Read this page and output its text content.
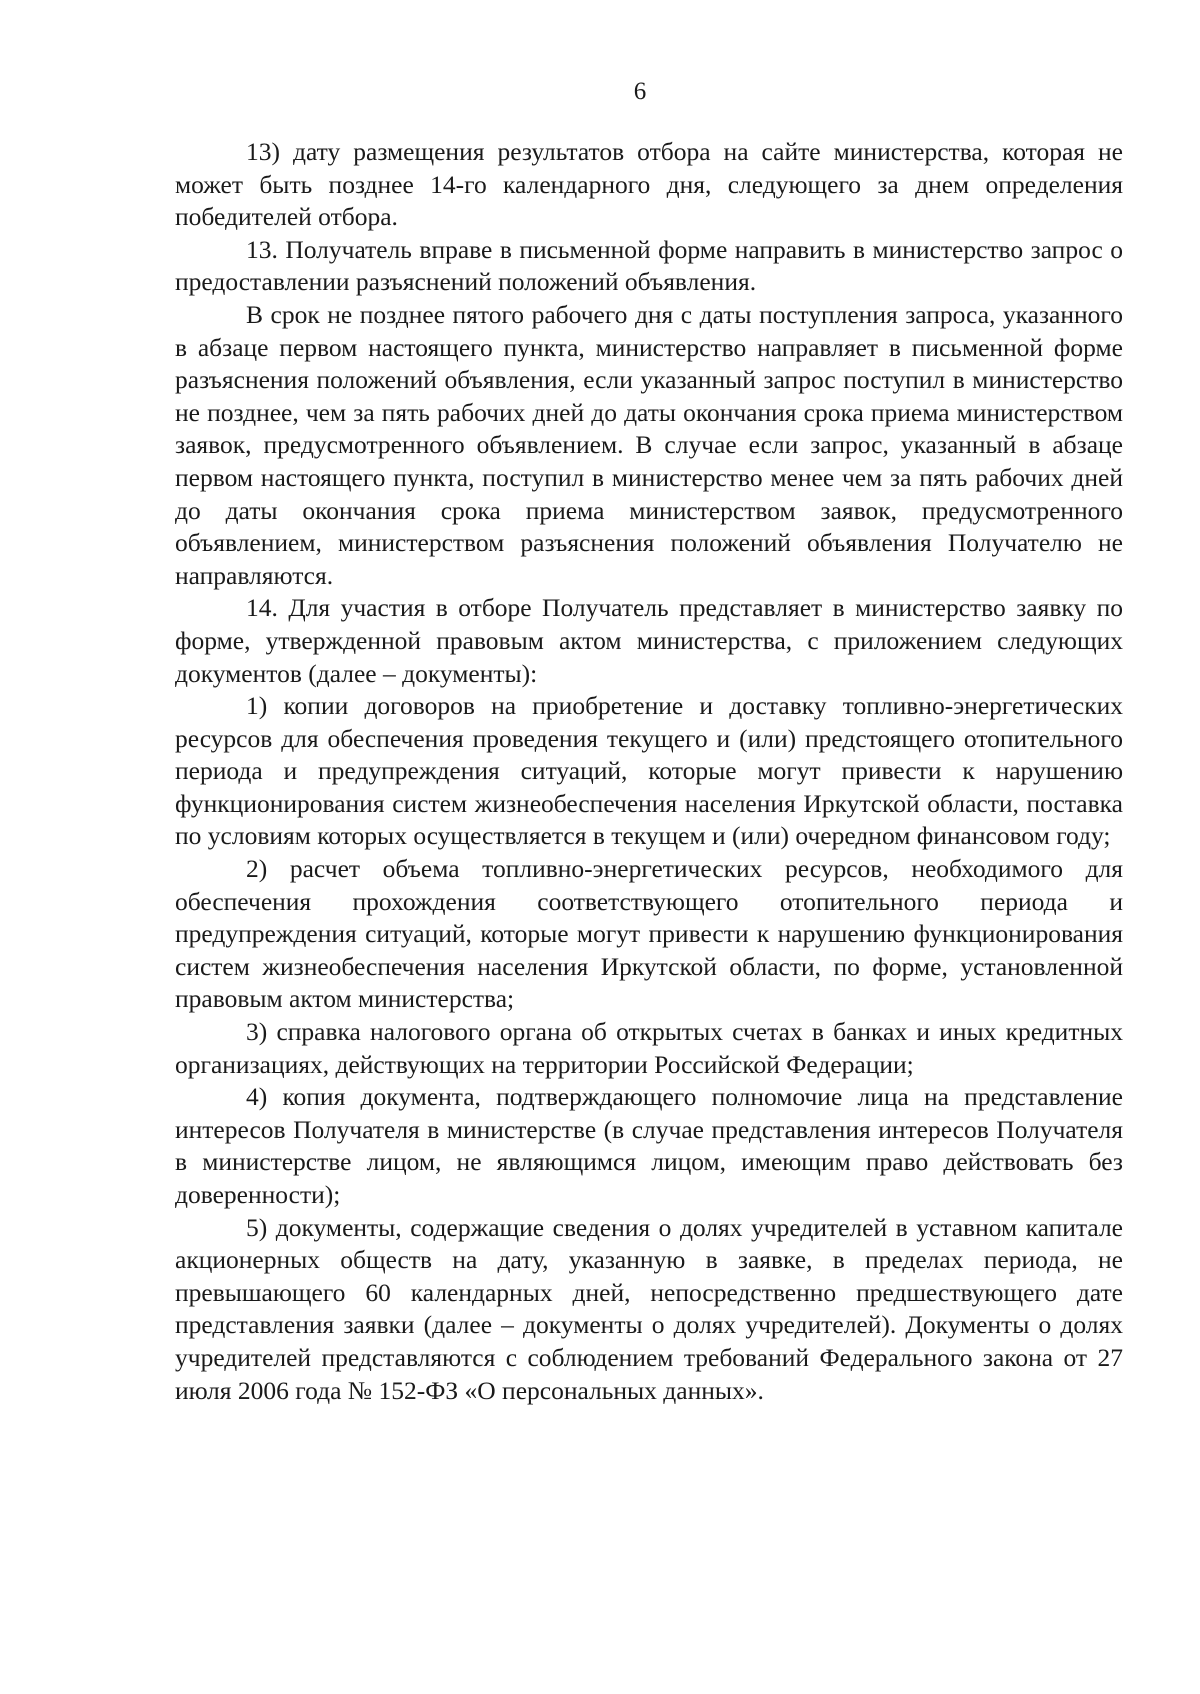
6

13) дату размещения результатов отбора на сайте министерства, которая не может быть позднее 14-го календарного дня, следующего за днем определения победителей отбора.

13. Получатель вправе в письменной форме направить в министерство запрос о предоставлении разъяснений положений объявления.

В срок не позднее пятого рабочего дня с даты поступления запроса, указанного в абзаце первом настоящего пункта, министерство направляет в письменной форме разъяснения положений объявления, если указанный запрос поступил в министерство не позднее, чем за пять рабочих дней до даты окончания срока приема министерством заявок, предусмотренного объявлением. В случае если запрос, указанный в абзаце первом настоящего пункта, поступил в министерство менее чем за пять рабочих дней до даты окончания срока приема министерством заявок, предусмотренного объявлением, министерством разъяснения положений объявления Получателю не направляются.

14. Для участия в отборе Получатель представляет в министерство заявку по форме, утвержденной правовым актом министерства, с приложением следующих документов (далее – документы):

1) копии договоров на приобретение и доставку топливно-энергетических ресурсов для обеспечения проведения текущего и (или) предстоящего отопительного периода и предупреждения ситуаций, которые могут привести к нарушению функционирования систем жизнеобеспечения населения Иркутской области, поставка по условиям которых осуществляется в текущем и (или) очередном финансовом году;

2) расчет объема топливно-энергетических ресурсов, необходимого для обеспечения прохождения соответствующего отопительного периода и предупреждения ситуаций, которые могут привести к нарушению функционирования систем жизнеобеспечения населения Иркутской области, по форме, установленной правовым актом министерства;

3) справка налогового органа об открытых счетах в банках и иных кредитных организациях, действующих на территории Российской Федерации;

4) копия документа, подтверждающего полномочие лица на представление интересов Получателя в министерстве (в случае представления интересов Получателя в министерстве лицом, не являющимся лицом, имеющим право действовать без доверенности);

5) документы, содержащие сведения о долях учредителей в уставном капитале акционерных обществ на дату, указанную в заявке, в пределах периода, не превышающего 60 календарных дней, непосредственно предшествующего дате представления заявки (далее – документы о долях учредителей). Документы о долях учредителей представляются с соблюдением требований Федерального закона от 27 июля 2006 года № 152-ФЗ «О персональных данных».
